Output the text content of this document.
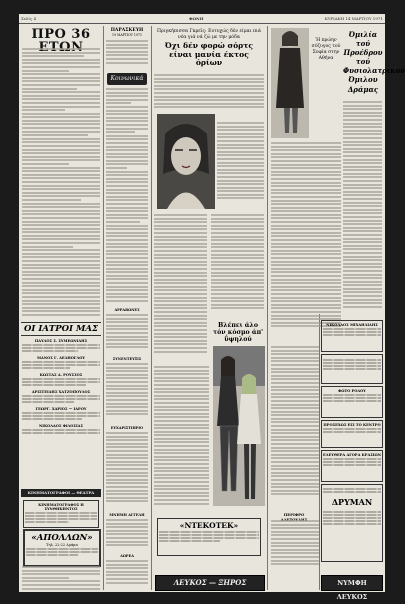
Σελίς 4	ΦΩΝΗ	ΚΥΡΙΑΚΗ 14 ΜΑΡΤΙΟΥ 1971
ΠΡΟ 36
ΟΙ ΙΑΤΡΟΙ ΜΑΣ
ΠΑΥΛΟΣ Σ. ΣΥΜΕΩΝΙΔΗΣ
ΜΑΝΟΣ Γ. ΔΕΛΗΟΓΛΟΥ
ΚΩΣΤΑΣ Α. ΡΟΥΣΣΟΣ
ΑΡΙΣΤΕΙΔΗΣ ΧΑΤΖΟΠΟΥΛΟΣ
ΓΕΩΡΓ. ΧΑΡΙΟΣ — ΙΑΡΟΥ
ΝΙΚΟΛΑΟΣ ΦΙΛΟΣΙΑΣ
ΚΙΝΗΜΑΤΟΓΡΑΦΟΙ — ΘΕΑΤΡΑ
ΚΙΝΗΜΑΤΟΓΡΑΦΟΣ Η ΣΥΝΘΗΚΗΝΤΟΣ
«ΑΠΟΛΛΩΝ»
Τηλ. 22-22 Δράμα
ΠΑΡΑΣΚΕΥΗ
19 ΜΑΡΤΙΟΥ 1971
Κοινωνικά
ΑΡΡΑΒΩΝΕΣ
ΣΥΝΕΝΤΕΥΞΙΣ
ΕΥΧΑΡΙΣΤΙΗΡΙΟ
ΜΝΗΜΗ ΑΓΓΕΛΗ
ΔΩΡΕΑ
Πριγκήπισσα Γκρεϊς: Ευτυχώς δέν είμαι πιά νέα γιά νά ζώ με την μόδα
Όχι δέν φορώ σόρτς είναι μανία έκτος όρίων
Βλέπει άλο τόν κόσμο άπ' ΰψηλού
«ΝΤΕΚΟΤΕΚ»
ΛΕΥΚΟΣ — ΞΗΡΟΣ
Ή πρώην σύζυγος τού Σοφία στην Αθήνα
Όμιλία τού Προέδρου τού Φυσιολατρικού Όμιλου Δράμας
ΝΙΚΟΛΑΟΣ ΜΙΧΑΗΛΙΔΗΣ
ΦΩΤΟ ΡΟΔΟΥ
ΠΡΟΣΕΧΩΣ ΕΙΣ ΤΟ ΚΕΝΤΡΟ
ΕΛΕΥΘΕΡΑ ΑΓΟΡΑ ΚΡΑΣΙΩΝ
ΠΕΡΙΦΡΟ
ΔΡΥΜΑΝ
ΝΥΜΦΗ ΛΕΥΚΟΣ
